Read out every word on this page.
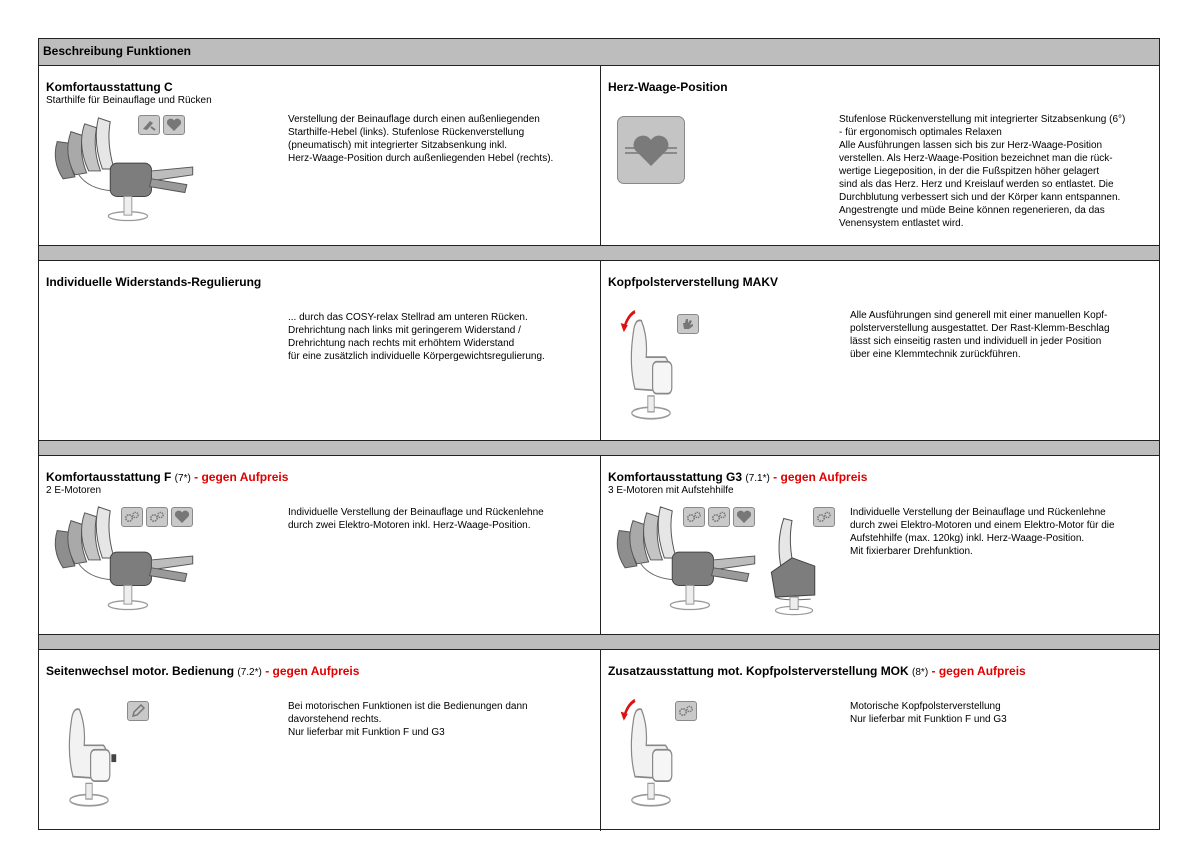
Beschreibung Funktionen
Komfortausstattung C
Starthilfe für Beinauflage und Rücken
Verstellung der Beinauflage durch einen außenliegenden
Starthilfe-Hebel (links). Stufenlose Rückenverstellung
(pneumatisch) mit integrierter Sitzabsenkung inkl.
Herz-Waage-Position durch außenliegenden Hebel (rechts).
Herz-Waage-Position
Stufenlose Rückenverstellung mit integrierter Sitzabsenkung (6°)
- für ergonomisch optimales Relaxen
Alle Ausführungen lassen sich bis zur Herz-Waage-Position
verstellen. Als Herz-Waage-Position bezeichnet man die rück-
wertige Liegeposition, in der die Fußspitzen höher gelagert
sind als das Herz. Herz und Kreislauf werden so entlastet. Die
Durchblutung verbessert sich und der Körper kann entspannen.
Angestrengte und müde Beine können regenerieren, da das
Venensystem entlastet wird.
Individuelle Widerstands-Regulierung
... durch das COSY-relax Stellrad am unteren Rücken.
Drehrichtung nach links mit geringerem Widerstand /
Drehrichtung nach rechts mit erhöhtem Widerstand
für eine zusätzlich individuelle Körpergewichtsregulierung.
Kopfpolsterverstellung MAKV
Alle Ausführungen sind generell mit einer manuellen Kopf-
polsterverstellung ausgestattet. Der Rast-Klemm-Beschlag
lässt sich einseitig rasten und individuell in jeder Position
über eine Klemmtechnik zurückführen.
Komfortausstattung F (7*) - gegen Aufpreis
2 E-Motoren
Individuelle Verstellung der Beinauflage und Rückenlehne
durch zwei Elektro-Motoren inkl. Herz-Waage-Position.
Komfortausstattung G3 (7.1*) - gegen Aufpreis
3 E-Motoren mit Aufstehhilfe
Individuelle Verstellung der Beinauflage und Rückenlehne
durch zwei Elektro-Motoren und einem Elektro-Motor für die
Aufstehhilfe (max. 120kg) inkl. Herz-Waage-Position.
Mit fixierbarer Drehfunktion.
Seitenwechsel motor. Bedienung (7.2*) - gegen Aufpreis
Bei motorischen Funktionen ist die Bedienungen dann
davorstehend rechts.
Nur lieferbar mit Funktion F und G3
Zusatzausstattung mot. Kopfpolsterverstellung MOK (8*) - gegen Aufpreis
Motorische Kopfpolsterverstellung
Nur lieferbar mit Funktion F und G3
